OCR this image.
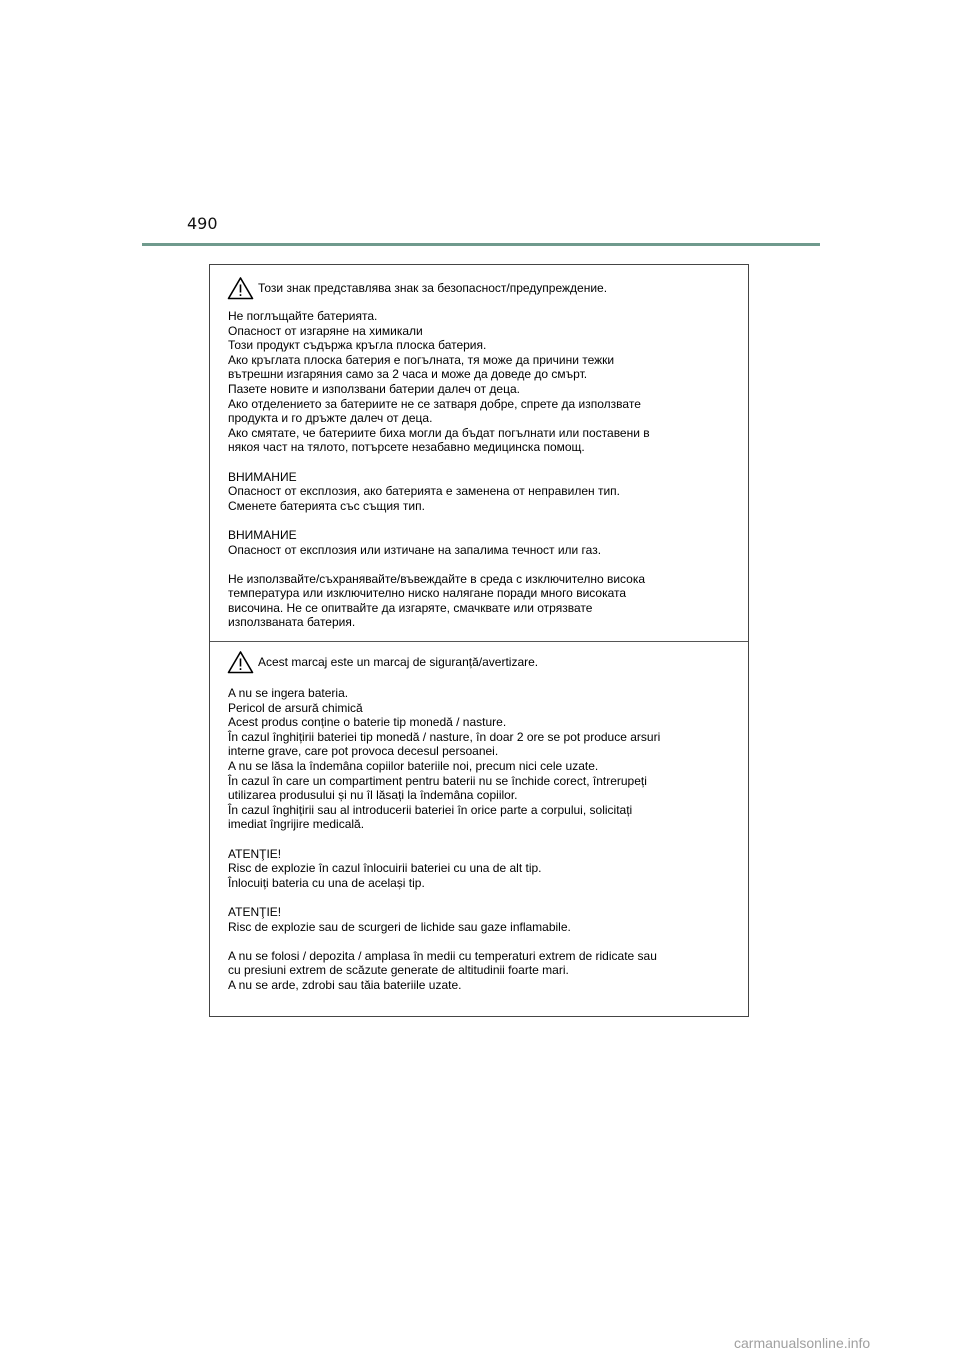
490
Този знак представлява знак за безопасност/предупреждение.

Не поглъщайте батерията.
Опасност от изгаряне на химикали
Този продукт съдържа кръгла плоска батерия.
Ако кръглата плоска батерия е погълната, тя може да причини тежки
вътрешни изгаряния само за 2 часа и може да доведе до смърт.
Пазете новите и използвани батерии далеч от деца.
Ако отделението за батериите не се затваря добре, спрете да използвате
продукта и го дръжте далеч от деца.
Ако смятате, че батериите биха могли да бъдат погълнати или поставени в
някоя част на тялото, потърсете незабавно медицинска помощ.

ВНИМАНИЕ
Опасност от експлозия, ако батерията е заменена от неправилен тип.
Сменете батерията със същия тип.

ВНИМАНИЕ
Опасност от експлозия или изтичане на запалима течност или газ.

Не използвайте/съхранявайте/въвеждайте в среда с изключително висока
температура или изключително ниско налягане поради много високата
височина. Не се опитвайте да изгаряте, смачквате или отрязвате
използваната батерия.

Acest marcaj este un marcaj de siguranță/avertizare.

A nu se ingera bateria.
Pericol de arsură chimică
Acest produs conține o baterie tip monedă / nasture.
În cazul înghițirii bateriei tip monedă / nasture, în doar 2 ore se pot produce arsuri
interne grave, care pot provoca decesul persoanei.
A nu se lăsa la îndemâna copiilor bateriile noi, precum nici cele uzate.
În cazul în care un compartiment pentru baterii nu se închide corect, întrerupeți
utilizarea produsului și nu îl lăsați la îndemâna copiilor.
În cazul înghițirii sau al introducerii bateriei în orice parte a corpului, solicitați
imediat îngrijire medicală.

ATENŢIE!
Risc de explozie în cazul înlocuirii bateriei cu una de alt tip.
Înlocuiți bateria cu una de același tip.

ATENŢIE!
Risc de explozie sau de scurgeri de lichide sau gaze inflamabile.

A nu se folosi / depozita / amplasa în medii cu temperaturi extrem de ridicate sau
cu presiuni extrem de scăzute generate de altitudinii foarte mari.
A nu se arde, zdrobi sau tăia bateriile uzate.

carmanualsonline.info
